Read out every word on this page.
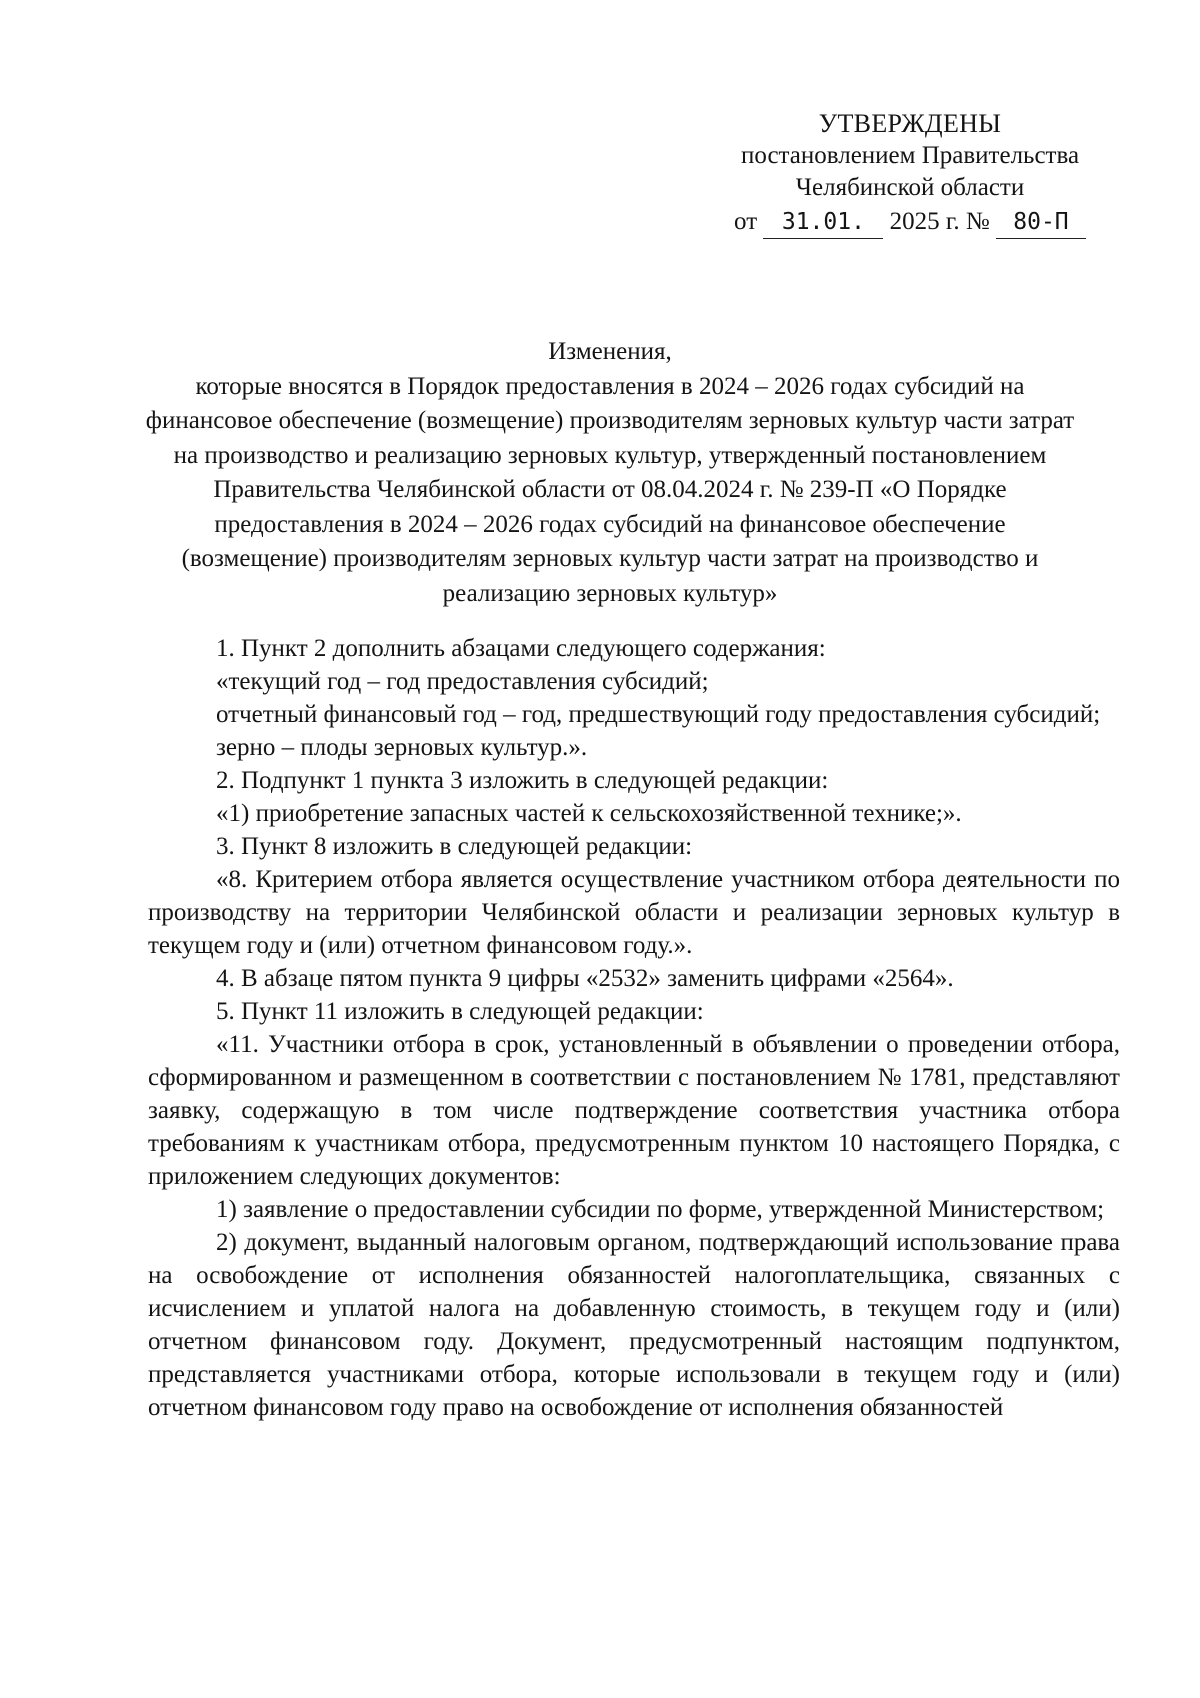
УТВЕРЖДЕНЫ
постановлением Правительства
Челябинской области
от 31.01. 2025 г. № 80-П
Изменения,
которые вносятся в Порядок предоставления в 2024 – 2026 годах субсидий на финансовое обеспечение (возмещение) производителям зерновых культур части затрат на производство и реализацию зерновых культур, утвержденный постановлением Правительства Челябинской области от 08.04.2024 г. № 239-П «О Порядке предоставления в 2024 – 2026 годах субсидий на финансовое обеспечение (возмещение) производителям зерновых культур части затрат на производство и реализацию зерновых культур»

1. Пункт 2 дополнить абзацами следующего содержания:

«текущий год – год предоставления субсидий;

отчетный финансовый год – год, предшествующий году предоставления субсидий;

зерно – плоды зерновых культур.».

2. Подпункт 1 пункта 3 изложить в следующей редакции:

«1) приобретение запасных частей к сельскохозяйственной технике;».

3. Пункт 8 изложить в следующей редакции:

«8. Критерием отбора является осуществление участником отбора деятельности по производству на территории Челябинской области и реализации зерновых культур в текущем году и (или) отчетном финансовом году.».

4. В абзаце пятом пункта 9 цифры «2532» заменить цифрами «2564».

5. Пункт 11 изложить в следующей редакции:

«11. Участники отбора в срок, установленный в объявлении о проведении отбора, сформированном и размещенном в соответствии с постановлением № 1781, представляют заявку, содержащую в том числе подтверждение соответствия участника отбора требованиям к участникам отбора, предусмотренным пунктом 10 настоящего Порядка, с приложением следующих документов:

1) заявление о предоставлении субсидии по форме, утвержденной Министерством;

2) документ, выданный налоговым органом, подтверждающий использование права на освобождение от исполнения обязанностей налогоплательщика, связанных с исчислением и уплатой налога на добавленную стоимость, в текущем году и (или) отчетном финансовом году. Документ, предусмотренный настоящим подпунктом, представляется участниками отбора, которые использовали в текущем году и (или) отчетном финансовом году право на освобождение от исполнения обязанностей
